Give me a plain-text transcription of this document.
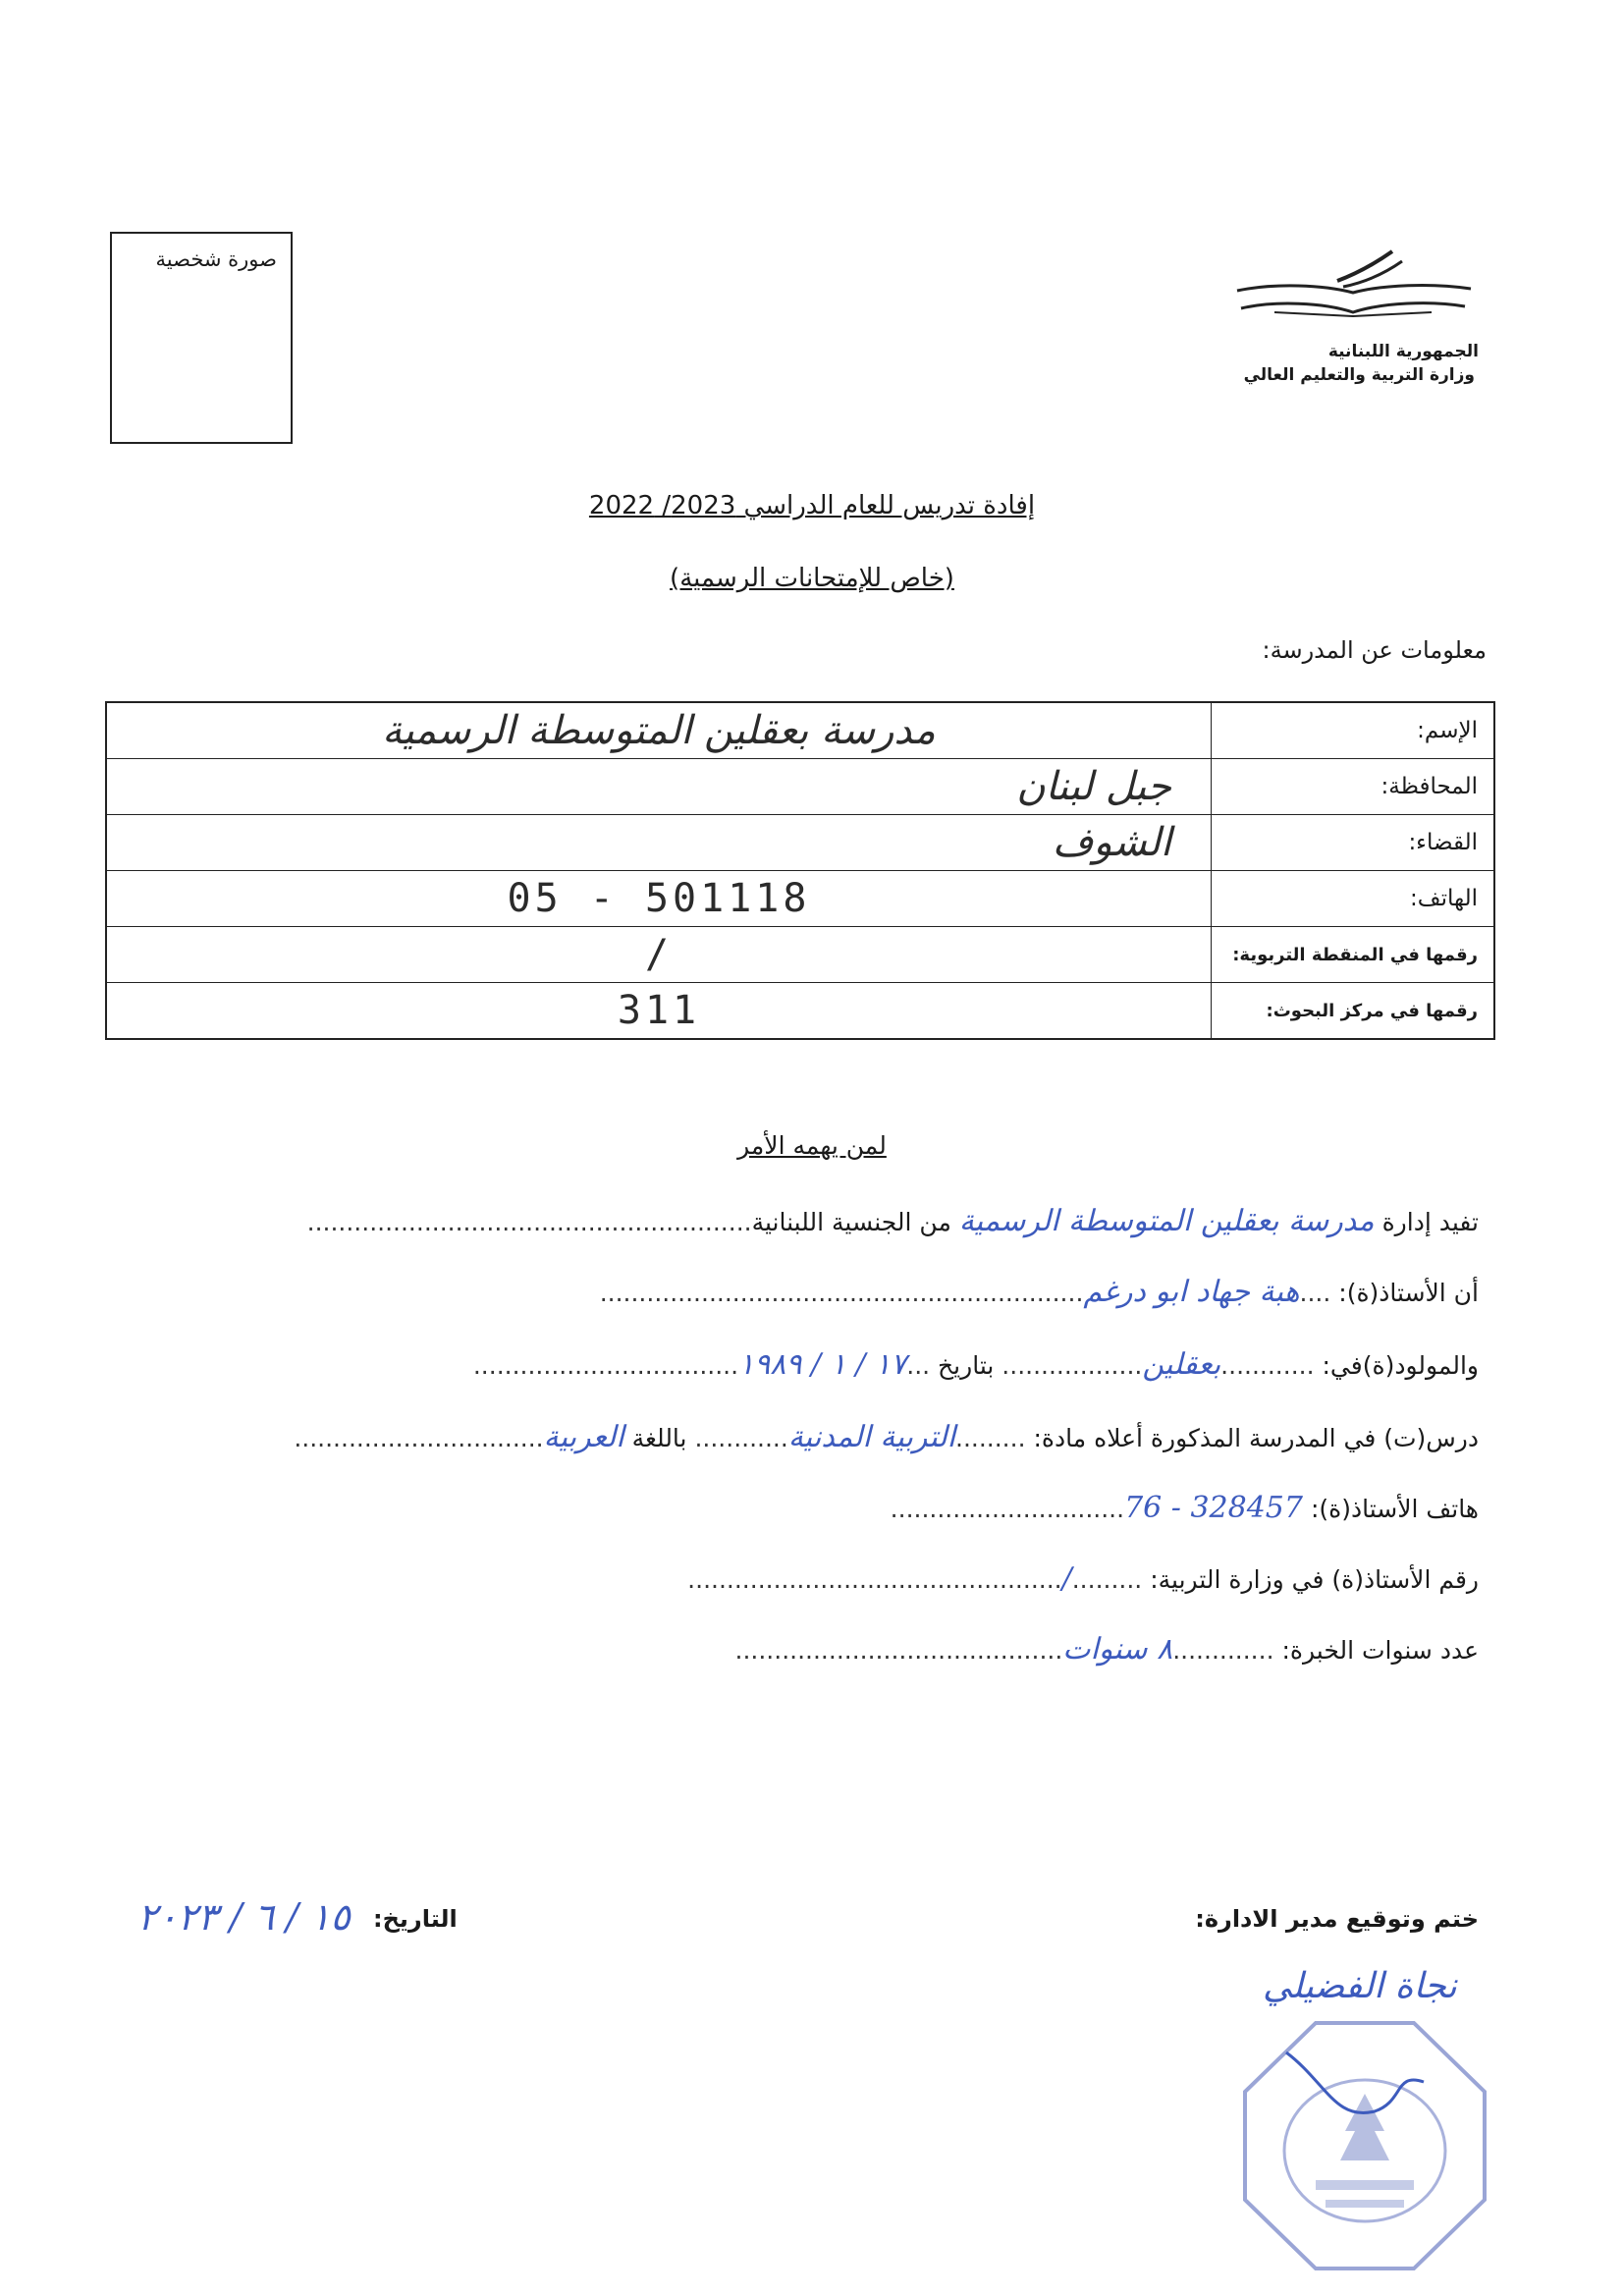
صورة شخصية
الجمهورية اللبنانية
وزارة التربية والتعليم العالي
إفادة تدريس للعام الدراسي 2023/ 2022
(خاص للإمتحانات الرسمية)
معلومات عن المدرسة:
الإسم:	مدرسة بعقلين المتوسطة الرسمية
المحافظة:	جبل لبنان
القضاء:	الشوف
الهاتف:	05 - 501118
رقمها في المنقطة التربوية:	/
رقمها في مركز البحوث:	311
لمن يهمه الأمر
تفيد إدارة مدرسة بعقلين المتوسطة الرسمية من الجنسية اللبنانية.........................................................
أن الأستاذ(ة): ....هبة جهاد ابو درغم..............................................................
والمولود(ة)في: ............بعقلين.................. بتاريخ ...١٧ / ١ / ١٩٨٩..................................
درس(ت) في المدرسة المذكورة أعلاه مادة: .........التربية المدنية............ باللغة العربية................................
هاتف الأستاذ(ة): 76 - 328457..............................
رقم الأستاذ(ة) في وزارة التربية: ........./................................................
عدد سنوات الخبرة: .............٨ سنوات..........................................
ختم وتوقيع مدير الادارة:
التاريخ:
١٥ / ٦ / ٢٠٢٣
نجاة الفضيلي
